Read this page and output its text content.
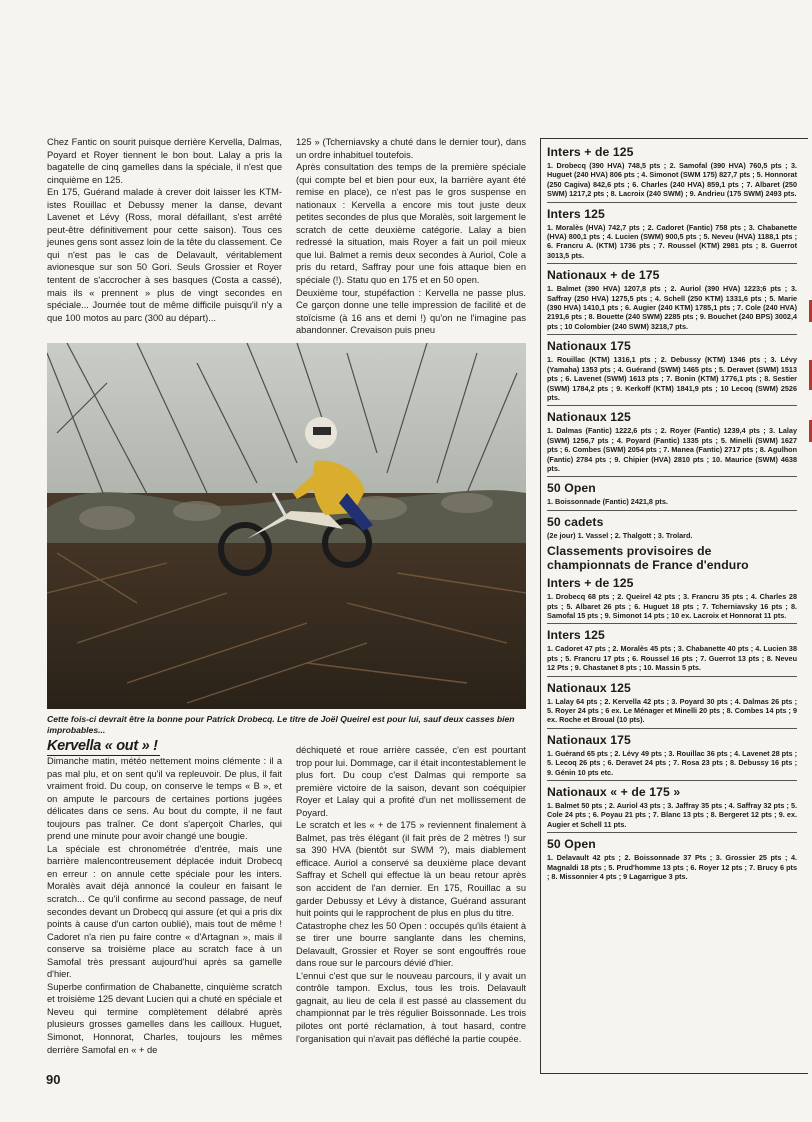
Chez Fantic on sourit puisque derrière Kervella, Dalmas, Poyard et Royer tiennent le bon bout. Lalay a pris la bagatelle de cinq gamelles dans la spéciale, il n'est que cinquième en 125.

En 175, Guérand malade à crever doit laisser les KTM-istes Rouillac et Debussy mener la danse, devant Lavenet et Lévy (Ross, moral défaillant, s'est arrêté peut-être définitivement pour cette saison). Tous ces jeunes gens sont assez loin de la tête du classement. Ce qui n'est pas le cas de Delavault, véritablement avionesque sur son 50 Gori. Seuls Grossier et Royer tentent de s'accrocher à ses basques (Costa a cassé), mais ils « prennent » plus de vingt secondes en spéciale... Journée tout de même difficile puisqu'il n'y a que 100 motos au parc (300 au départ)...

125 » (Tcherniavsky a chuté dans le dernier tour), dans un ordre inhabituel toutefois.

Après consultation des temps de la première spéciale (qui compte bel et bien pour eux, la barrière ayant été remise en place), ce n'est pas le gros suspense en nationaux : Kervella a encore mis tout juste deux petites secondes de plus que Moralès, soit largement le scratch de cette deuxième catégorie. Lalay a bien redressé la situation, mais Royer a fait un poil mieux que lui. Balmet a remis deux secondes à Auriol, Cole a pris du retard, Saffray pour une fois attaque bien en spéciale (!). Statu quo en 175 et en 50 open.

Deuxième tour, stupéfaction : Kervella ne passe plus. Ce garçon donne une telle impression de facilité et de stoïcisme (à 16 ans et demi !) qu'on ne l'imagine pas abandonner. Crevaison puis pneu

Cette fois-ci devrait être la bonne pour Patrick Drobecq. Le titre de Joël Queirel est pour lui, sauf deux casses bien improbables...
Kervella « out » !

Dimanche matin, météo nettement moins clémente : il a pas mal plu, et on sent qu'il va repleuvoir. De plus, il fait vraiment froid. Du coup, on conserve le temps « B », et on ampute le parcours de certaines portions jugées délicates dans ce sens. Au bout du compte, il ne faut toujours pas traîner. Ce dont s'aperçoit Charles, qui prend une minute pour avoir changé une bougie.

La spéciale est chronométrée d'entrée, mais une barrière malencontreusement déplacée induit Drobecq en erreur : on annule cette spéciale pour les inters. Moralès avait déjà annoncé la couleur en faisant le scratch... Ce qu'il confirme au second passage, de neuf secondes devant un Drobecq qui assure (et qui a pris dix points à cause d'un carton oublié), mais tout de même ! Cadoret n'a rien pu faire contre « d'Artagnan », mais il conserve sa troisième place au scratch face à un Samofal très pressant aujourd'hui après sa gamelle d'hier.

Superbe confirmation de Chabanette, cinquième scratch et troisième 125 devant Lucien qui a chuté en spéciale et Neveu qui termine complètement délabré après plusieurs grosses gamelles dans les cailloux. Huguet, Simonot, Honnorat, Charles, toujours les mêmes derrière Samofal en « + de

déchiqueté et roue arrière cassée, c'en est pourtant trop pour lui. Dommage, car il était incontestablement le plus fort. Du coup c'est Dalmas qui remporte sa première victoire de la saison, devant son coéquipier Royer et Lalay qui a profité d'un net mollissement de Poyard.

Le scratch et les « + de 175 » reviennent finalement à Balmet, pas très élégant (il fait près de 2 mètres !) sur sa 390 HVA (bientôt sur SWM ?), mais diablement efficace. Auriol a conservé sa deuxième place devant Saffray et Schell qui effectue là un beau retour après son accident de l'an dernier. En 175, Rouillac a su garder Debussy et Lévy à distance, Guérand assurant huit points qui le rapprochent de plus en plus du titre.

Catastrophe chez les 50 Open : occupés qu'ils étaient à se tirer une bourre sanglante dans les chemins, Delavault, Grossier et Royer se sont engouffrés roue dans roue sur le parcours dévié d'hier.

L'ennui c'est que sur le nouveau parcours, il y avait un contrôle tampon. Exclus, tous les trois. Delavault gagnait, au lieu de cela il est passé au classement du championnat par le très régulier Boissonnade. Les trois pilotes ont porté réclamation, à tout hasard, contre l'organisation qui n'avait pas défléché la partie coupée.

Inters + de 125
1. Drobecq (390 HVA) 748,5 pts ; 2. Samofal (390 HVA) 760,5 pts ; 3. Huguet (240 HVA) 806 pts ; 4. Simonot (SWM 175) 827,7 pts ; 5. Honnorat (250 Cagiva) 842,6 pts ; 6. Charles (240 HVA) 859,1 pts ; 7. Albaret (250 SWM) 1217,2 pts ; 8. Lacroix (240 SWM) ; 9. Andrieu (175 SWM) 2493 pts.
Inters 125
1. Moralès (HVA) 742,7 pts ; 2. Cadoret (Fantic) 758 pts ; 3. Chabanette (HVA) 800,1 pts ; 4. Lucien (SWM) 900,5 pts ; 5. Neveu (HVA) 1188,1 pts ; 6. Francru A. (KTM) 1736 pts ; 7. Roussel (KTM) 2981 pts ; 8. Guerrot 3013,5 pts.
Nationaux + de 175
1. Balmet (390 HVA) 1207,8 pts ; 2. Auriol (390 HVA) 1223;6 pts ; 3. Saffray (250 HVA) 1275,5 pts ; 4. Schell (250 KTM) 1331,6 pts ; 5. Marie (390 HVA) 1410,1 pts ; 6. Augier (240 KTM) 1785,1 pts ; 7. Cole (240 HVA) 2191,6 pts ; 8. Bouette (240 SWM) 2285 pts ; 9. Bouchet (240 BPS) 3002,4 pts ; 10 Colombier (240 SWM) 3218,7 pts.
Nationaux 175
1. Rouillac (KTM) 1316,1 pts ; 2. Debussy (KTM) 1346 pts ; 3. Lévy (Yamaha) 1353 pts ; 4. Guérand (SWM) 1465 pts ; 5. Deravet (SWM) 1513 pts ; 6. Lavenet (SWM) 1613 pts ; 7. Bonin (KTM) 1776,1 pts ; 8. Sestier (SWM) 1784,2 pts ; 9. Kerkoff (KTM) 1841,9 pts ; 10 Lecoq (SWM) 2526 pts.
Nationaux 125
1. Dalmas (Fantic) 1222,6 pts ; 2. Royer (Fantic) 1239,4 pts ; 3. Lalay (SWM) 1256,7 pts ; 4. Poyard (Fantic) 1335 pts ; 5. Minelli (SWM) 1627 pts ; 6. Combes (SWM) 2054 pts ; 7. Manea (Fantic) 2717 pts ; 8. Agulhon (Fantic) 2784 pts ; 9. Chipier (HVA) 2810 pts ; 10. Maurice (SWM) 4638 pts.
50 Open
1. Boissonnade (Fantic) 2421,8 pts.
50 cadets
(2e jour) 1. Vassel ; 2. Thalgott ; 3. Trolard.
Classements provisoires de championnats de France d'enduro
Inters + de 125
1. Drobecq 68 pts ; 2. Queirel 42 pts ; 3. Francru 35 pts ; 4. Charles 28 pts ; 5. Albaret 26 pts ; 6. Huguet 18 pts ; 7. Tcherniavsky 16 pts ; 8. Samofal 15 pts ; 9. Simonot 14 pts ; 10 ex. Lacroix et Honnorat 11 pts.
Inters 125
1. Cadoret 47 pts ; 2. Moralès 45 pts ; 3. Chabanette 40 pts ; 4. Lucien 38 pts ; 5. Francru 17 pts ; 6. Roussel 16 pts ; 7. Guerrot 13 pts ; 8. Neveu 12 Pts ; 9. Chastanet 8 pts ; 10. Massin 5 pts.
Nationaux 125
1. Lalay 64 pts ; 2. Kervella 42 pts ; 3. Poyard 30 pts ; 4. Dalmas 26 pts ; 5. Royer 24 pts ; 6 ex. Le Ménager et Minelli 20 pts ; 8. Combes 14 pts ; 9 ex. Roche et Broual (10 pts).
Nationaux 175
1. Guérand 65 pts ; 2. Lévy 49 pts ; 3. Rouillac 36 pts ; 4. Lavenet 28 pts ; 5. Lecoq 26 pts ; 6. Deravet 24 pts ; 7. Rosa 23 pts ; 8. Debussy 16 pts ; 9. Génin 10 pts etc.
Nationaux « + de 175 »
1. Balmet 50 pts ; 2. Auriol 43 pts ; 3. Jaffray 35 pts ; 4. Saffray 32 pts ; 5. Cole 24 pts ; 6. Poyau 21 pts ; 7. Blanc 13 pts ; 8. Bergeret 12 pts ; 9. ex. Augier et Schell 11 pts.
50 Open
1. Delavault 42 pts ; 2. Boissonnade 37 Pts ; 3. Grossier 25 pts ; 4. Magnaldi 18 pts ; 5. Prud'homme 13 pts ; 6. Royer 12 pts ; 7. Brucy 6 pts ; 8. Missonnier 4 pts ; 9 Lagarrigue 3 pts.
90
